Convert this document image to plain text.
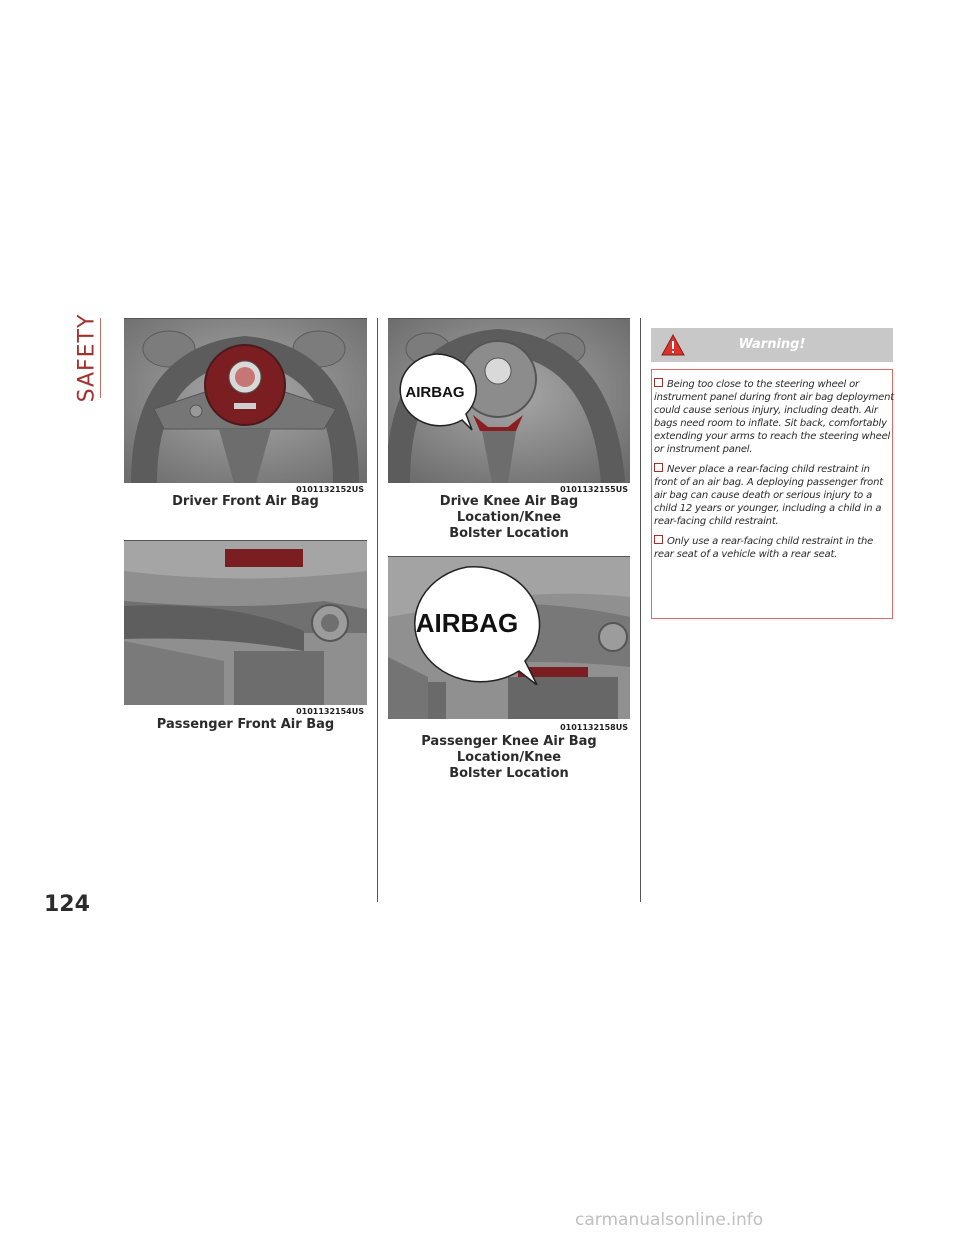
SAFETY
0101132152US
Driver Front Air Bag
AIRBAG
0101132155US
Drive Knee Air Bag Location/Knee
Bolster Location
0101132154US
Passenger Front Air Bag
AIRBAG
0101132158US
Passenger Knee Air Bag Location/Knee
Bolster Location
Warning!
Being too close to the steering wheel or instrument panel during front air bag deployment could cause serious injury, including death. Air bags need room to inflate. Sit back, comfortably extending your arms to reach the steering wheel or instrument panel.
Never place a rear-facing child restraint in front of an air bag. A deploying passenger front air bag can cause death or serious injury to a child 12 years or younger, including a child in a rear-facing child restraint.
Only use a rear-facing child restraint in the rear seat of a vehicle with a rear seat.
124
carmanualsonline.info
